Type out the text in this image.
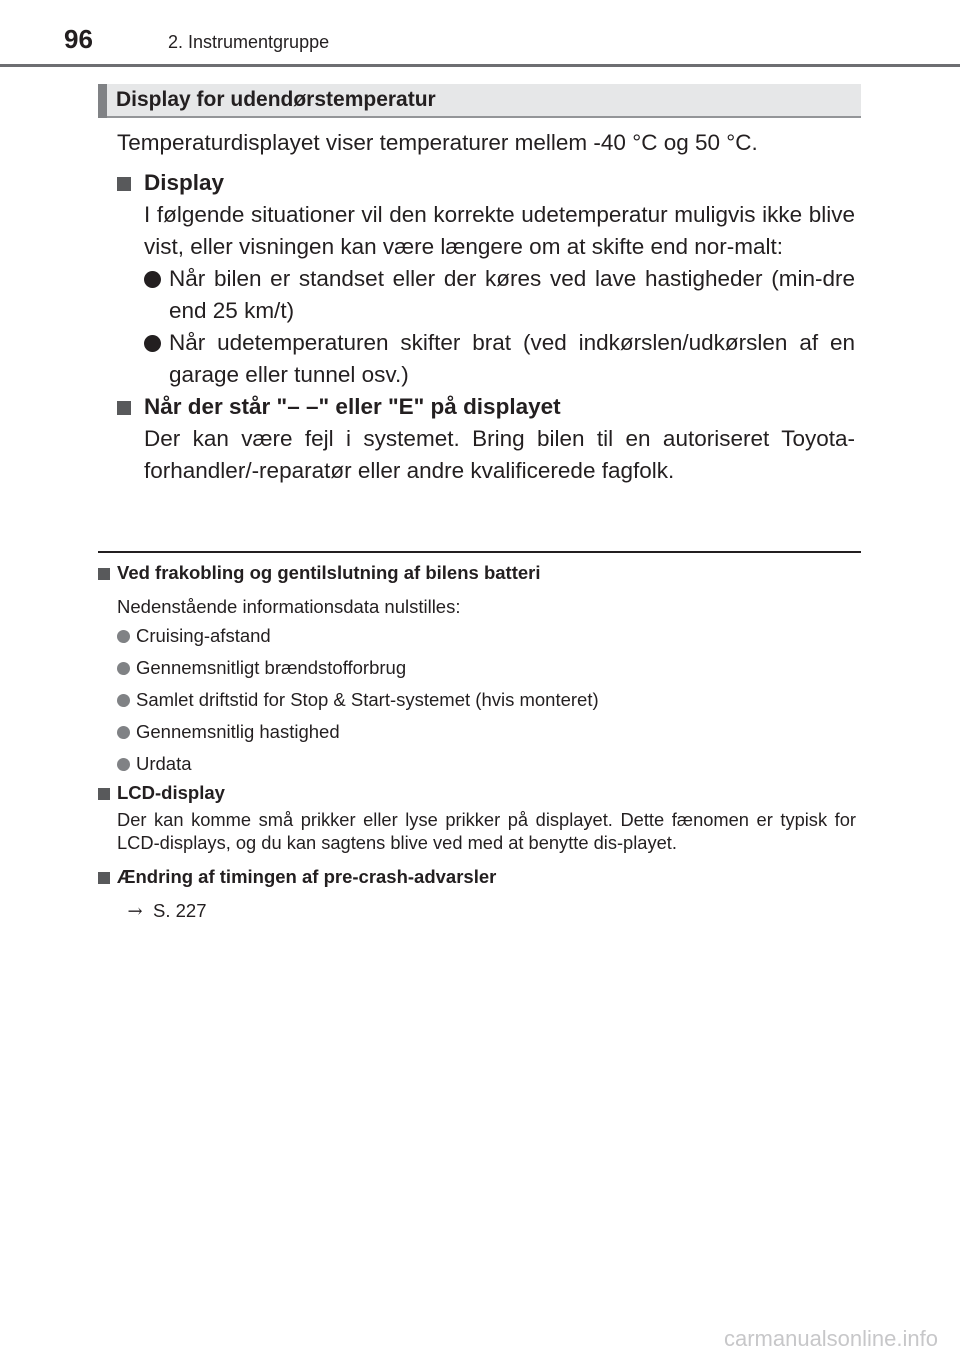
96	2. Instrumentgruppe
Display for udendørstemperatur

Temperaturdisplayet viser temperaturer mellem -40 °C og 50 °C.

Display

I følgende situationer vil den korrekte udetemperatur muligvis ikke blive vist, eller visningen kan være længere om at skifte end nor-malt:

Når bilen er standset eller der køres ved lave hastigheder (min-dre end 25 km/t)

Når udetemperaturen skifter brat (ved indkørslen/udkørslen af en garage eller tunnel osv.)

Når der står "– –" eller "E" på displayet

Der kan være fejl i systemet. Bring bilen til en autoriseret Toyota-forhandler/-reparatør eller andre kvalificerede fagfolk.

Ved frakobling og gentilslutning af bilens batteri

Nedenstående informationsdata nulstilles:

Cruising-afstand

Gennemsnitligt brændstofforbrug

Samlet driftstid for Stop & Start-systemet (hvis monteret)

Gennemsnitlig hastighed

Urdata

LCD-display

Der kan komme små prikker eller lyse prikker på displayet. Dette fænomen er typisk for LCD-displays, og du kan sagtens blive ved med at benytte dis-playet.

Ændring af timingen af pre-crash-advarsler

→ S. 227

carmanualsonline.info
